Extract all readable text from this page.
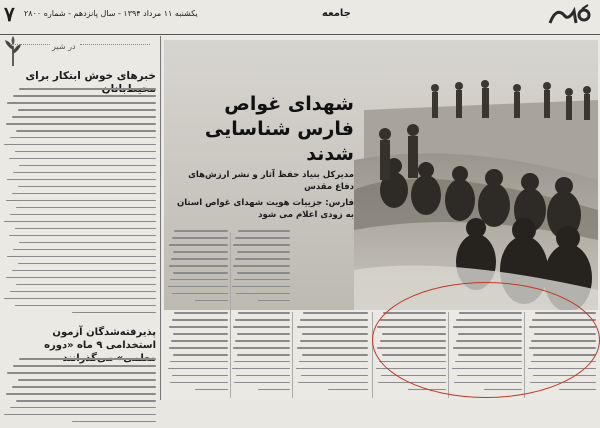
۷ یکشنبه ۱۱ مرداد ۱۳۹۴ - سال پانزدهم - شماره ۲۸۰۰	جامعه
در شیر
خبرهای خوش ابتکار برای
پذیرفته‌شدگان آزمون استخدامی ۹ ماه «دوره
شهدای غواص فارس شناسایی شدند
مدیرکل بنیاد حفظ آثار و نشر ارزش‌های دفاع مقدس
فارس: جزییات هویت شهدای غواص استان به زودی اعلام می شود
